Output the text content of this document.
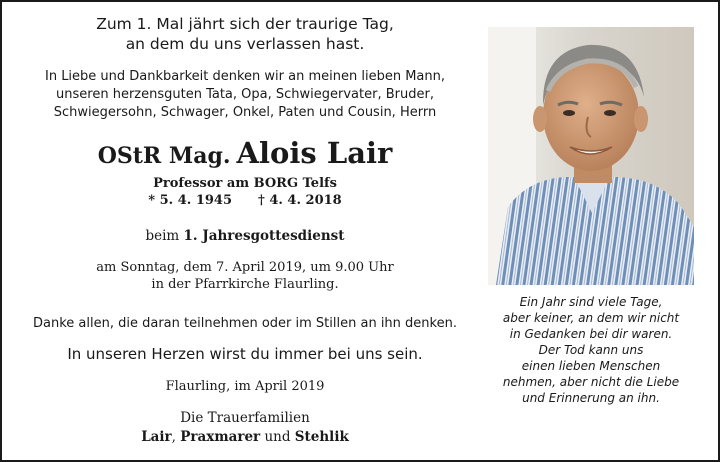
Zum 1. Mal jährt sich der traurige Tag,
an dem du uns verlassen hast.
In Liebe und Dankbarkeit denken wir an meinen lieben Mann,
unseren herzensguten Tata, Opa, Schwiegervater, Bruder,
Schwiegersohn, Schwager, Onkel, Paten und Cousin, Herrn
OStR Mag. Alois Lair
Professor am BORG Telfs
* 5. 4. 1945 † 4. 4. 2018
beim 1. Jahresgottesdienst
am Sonntag, dem 7. April 2019, um 9.00 Uhr
in der Pfarrkirche Flaurling.
Danke allen, die daran teilnehmen oder im Stillen an ihn denken.
In unseren Herzen wirst du immer bei uns sein.
Flaurling, im April 2019
Die Trauerfamilien
Lair, Praxmarer und Stehlik
Ein Jahr sind viele Tage,
aber keiner, an dem wir nicht
in Gedanken bei dir waren.
Der Tod kann uns
einen lieben Menschen
nehmen, aber nicht die Liebe
und Erinnerung an ihn.
